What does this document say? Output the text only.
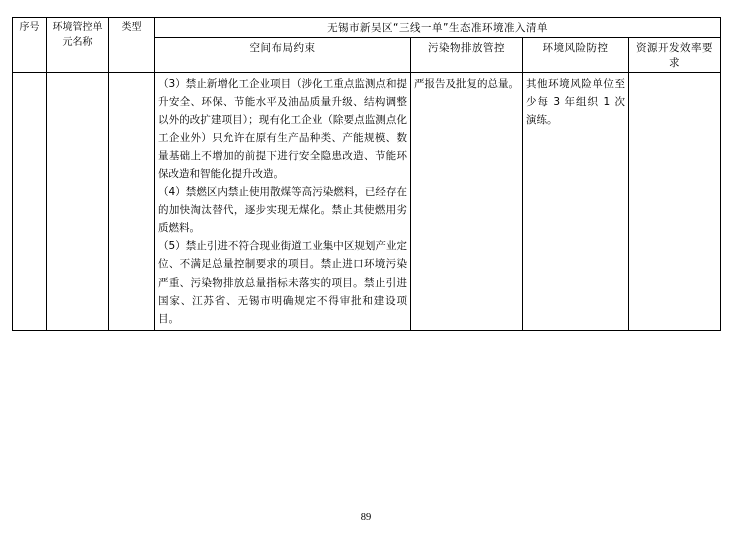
序号	环境管控单元名称	类型	无锡市新吴区“三线一单”生态准环境准入清单			
			空间布局约束	污染物排放管控	环境风险防控	资源开发效率要求

			（3）禁止新增化工企业项目（涉化工重点监测点和提升安全、环保、节能水平及油品质量升级、结构调整以外的改扩建项目）；现有化工企业（除要点监测点化工企业外）只允许在原有生产品种类、产能规模、数量基础上不增加的前提下进行安全隐患改造、节能环保改造和智能化提升改造。

（4）禁燃区内禁止使用散煤等高污染燃料，已经存在的加快淘汰替代，逐步实现无煤化。禁止其使燃用劣质燃料。

（5）禁止引进不符合现业街道工业集中区规划产业定位、不满足总量控制要求的项目。禁止进口环境污染严重、污染物排放总量指标未落实的项目。禁止引进国家、江苏省、无锡市明确规定不得审批和建设项目。	严报告及批复的总量。	其他环境风险单位至少每 3 年组织 1 次演练。	
89
